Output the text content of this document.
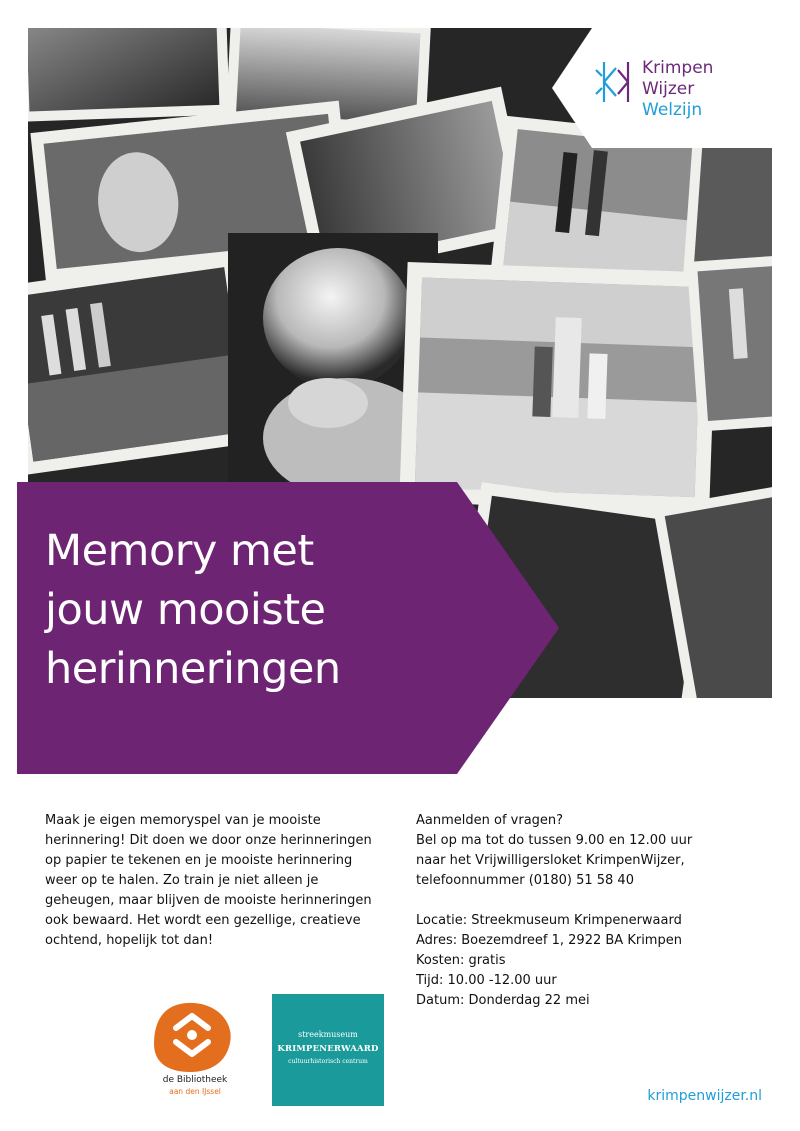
Krimpen
Wijzer
Welzijn
Memory met
jouw mooiste
herinneringen
Maak je eigen memoryspel van je mooiste herinnering! Dit doen we door onze herinneringen op papier te tekenen en je mooiste herinnering weer op te halen. Zo train je niet alleen je geheugen, maar blijven de mooiste herinneringen ook bewaard. Het wordt een gezellige, creatieve ochtend, hopelijk tot dan!
Aanmelden of vragen?
Bel op ma tot do tussen 9.00 en 12.00 uur
naar het Vrijwilligersloket KrimpenWijzer,
telefoonnummer (0180) 51 58 40
Locatie: Streekmuseum Krimpenerwaard
Adres: Boezemdreef 1, 2922 BA Krimpen
Kosten: gratis
Tijd: 10.00 -12.00 uur
Datum: Donderdag 22 mei
de Bibliotheek
aan den IJssel
streekmuseum
KRIMPENERWAARD
cultuurhistorisch centrum
krimpenwijzer.nl
